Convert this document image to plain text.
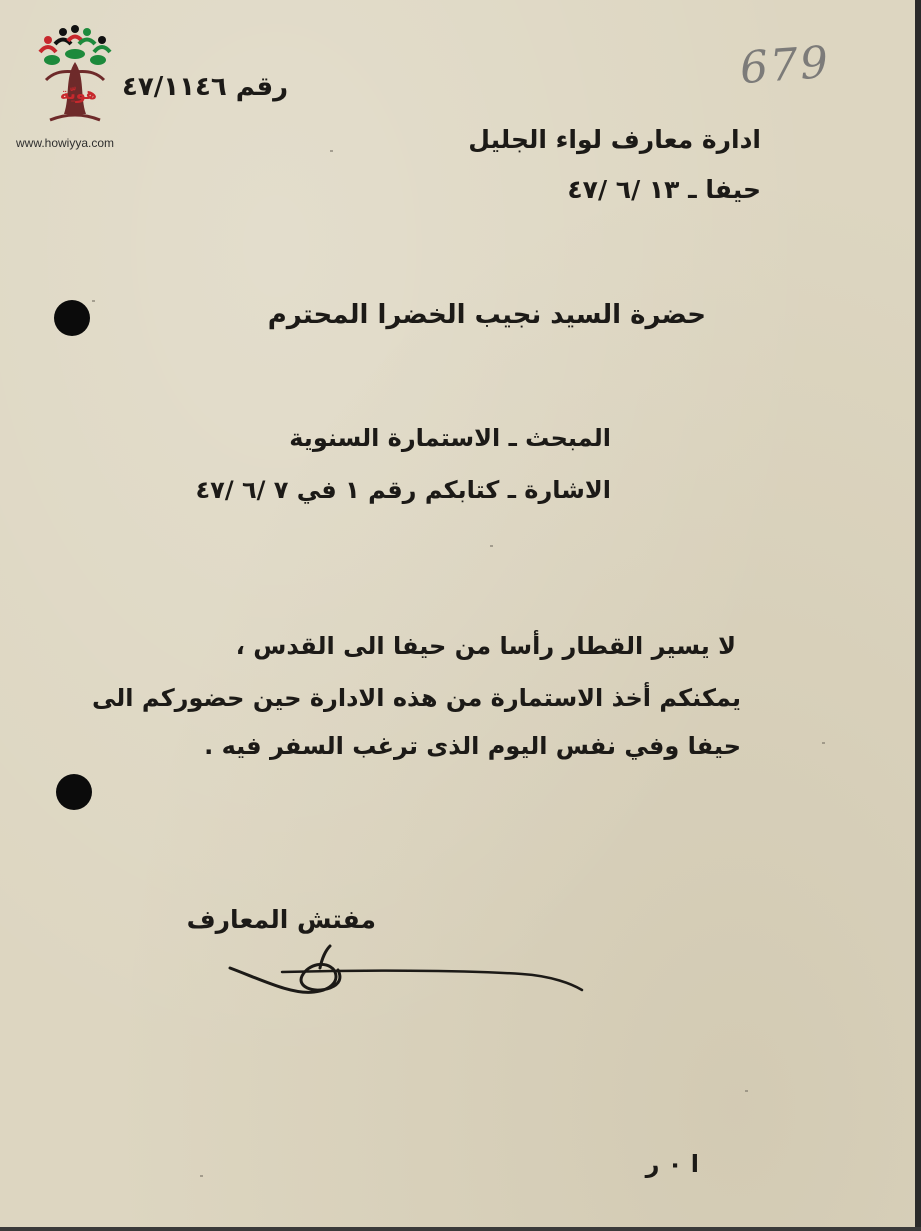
هويّة
www.howiyya.com
679
رقم ٤٧/١١٤٦
ادارة معارف لواء الجليل
حيفا ـ ١٣ /٦ /٤٧
حضرة السيد نجيب الخضرا المحترم
المبحث ـ الاستمارة السنوية
الاشارة ـ كتابكم رقم ١ في ٧ /٦ /٤٧
لا يسير القطار رأسا من حيفا الى القدس ،
يمكنكم أخذ الاستمارة من هذه الادارة حين حضوركم الى
حيفا وفي نفس اليوم الذى ترغب السفر فيه .
مفتش المعارف
ا ٠ ر
